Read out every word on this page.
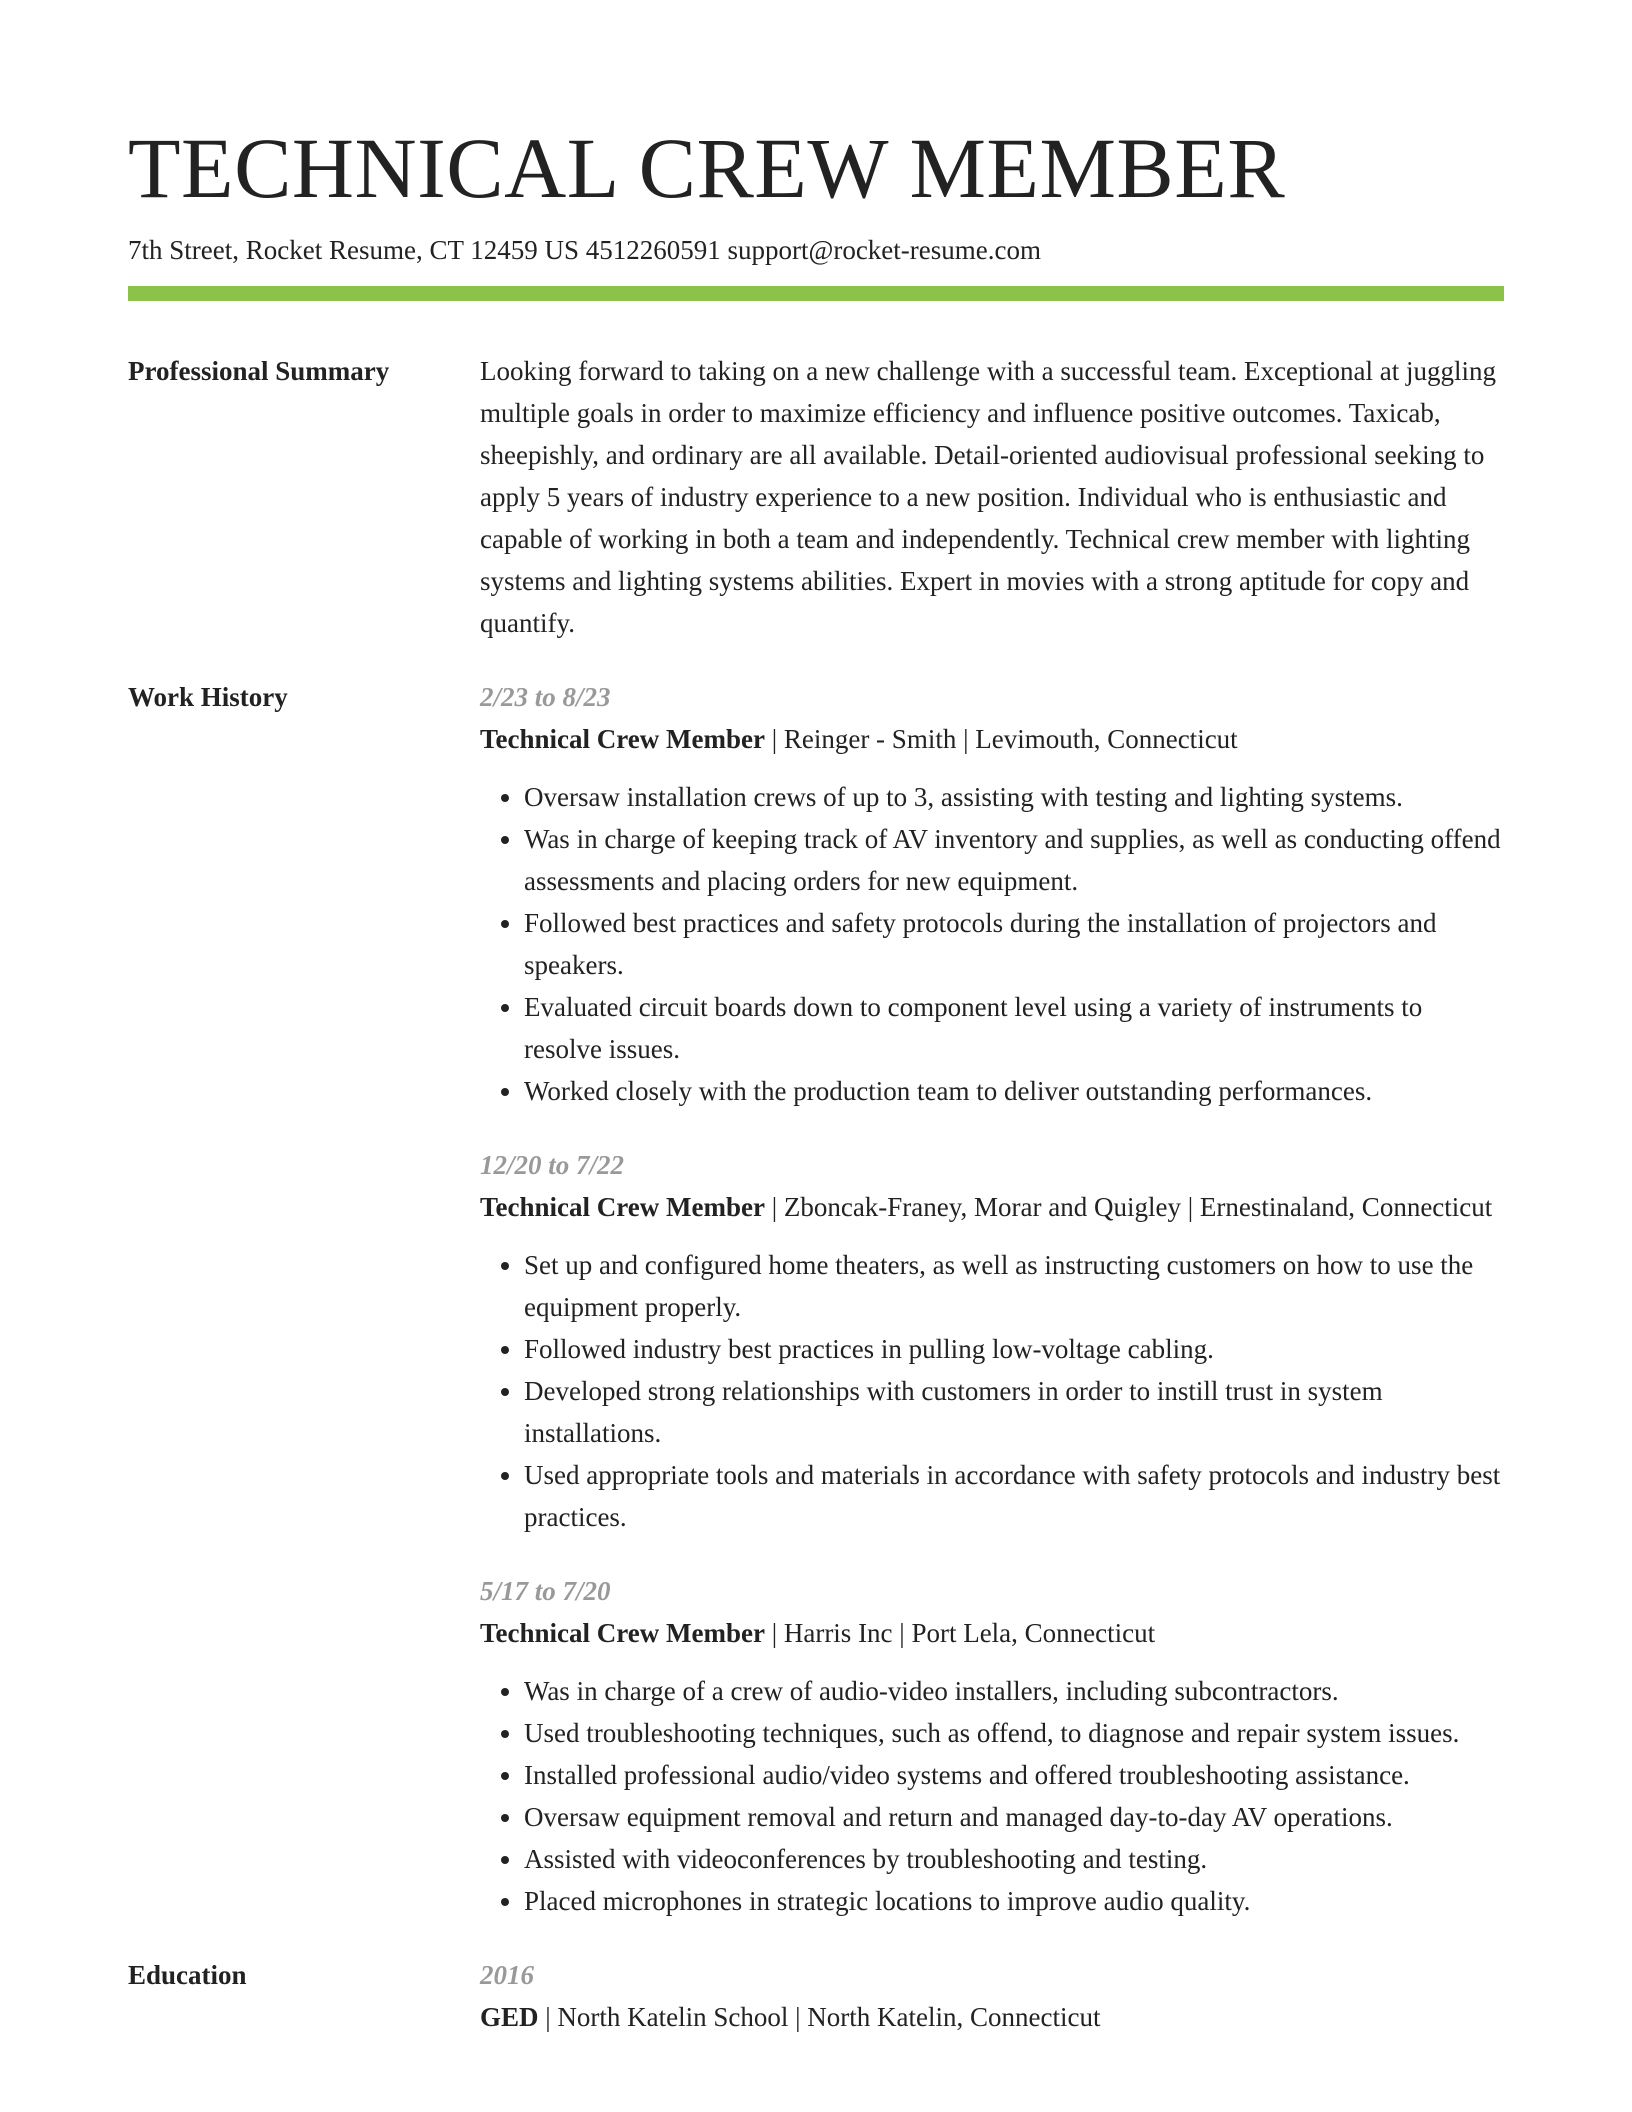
TECHNICAL CREW MEMBER
7th Street, Rocket Resume, CT 12459 US 4512260591 support@rocket-resume.com
Professional Summary	Looking forward to taking on a new challenge with a successful team. Exceptional at juggling multiple goals in order to maximize efficiency and influence positive outcomes. Taxicab, sheepishly, and ordinary are all available. Detail-oriented audiovisual professional seeking to apply 5 years of industry experience to a new position. Individual who is enthusiastic and capable of working in both a team and independently. Technical crew member with lighting systems and lighting systems abilities. Expert in movies with a strong aptitude for copy and quantify.

Work History	2/23 to 8/23
Technical Crew Member | Reinger - Smith | Levimouth, Connecticut
• Oversaw installation crews of up to 3, assisting with testing and lighting systems.
• Was in charge of keeping track of AV inventory and supplies, as well as conducting offend assessments and placing orders for new equipment.
• Followed best practices and safety protocols during the installation of projectors and speakers.
• Evaluated circuit boards down to component level using a variety of instruments to resolve issues.
• Worked closely with the production team to deliver outstanding performances.
12/20 to 7/22
Technical Crew Member | Zboncak-Franey, Morar and Quigley | Ernestinaland, Connecticut
• Set up and configured home theaters, as well as instructing customers on how to use the equipment properly.
• Followed industry best practices in pulling low-voltage cabling.
• Developed strong relationships with customers in order to instill trust in system installations.
• Used appropriate tools and materials in accordance with safety protocols and industry best practices.
5/17 to 7/20
Technical Crew Member | Harris Inc | Port Lela, Connecticut
• Was in charge of a crew of audio-video installers, including subcontractors.
• Used troubleshooting techniques, such as offend, to diagnose and repair system issues.
• Installed professional audio/video systems and offered troubleshooting assistance.
• Oversaw equipment removal and return and managed day-to-day AV operations.
• Assisted with videoconferences by troubleshooting and testing.
• Placed microphones in strategic locations to improve audio quality.
Education	2016
GED | North Katelin School | North Katelin, Connecticut
